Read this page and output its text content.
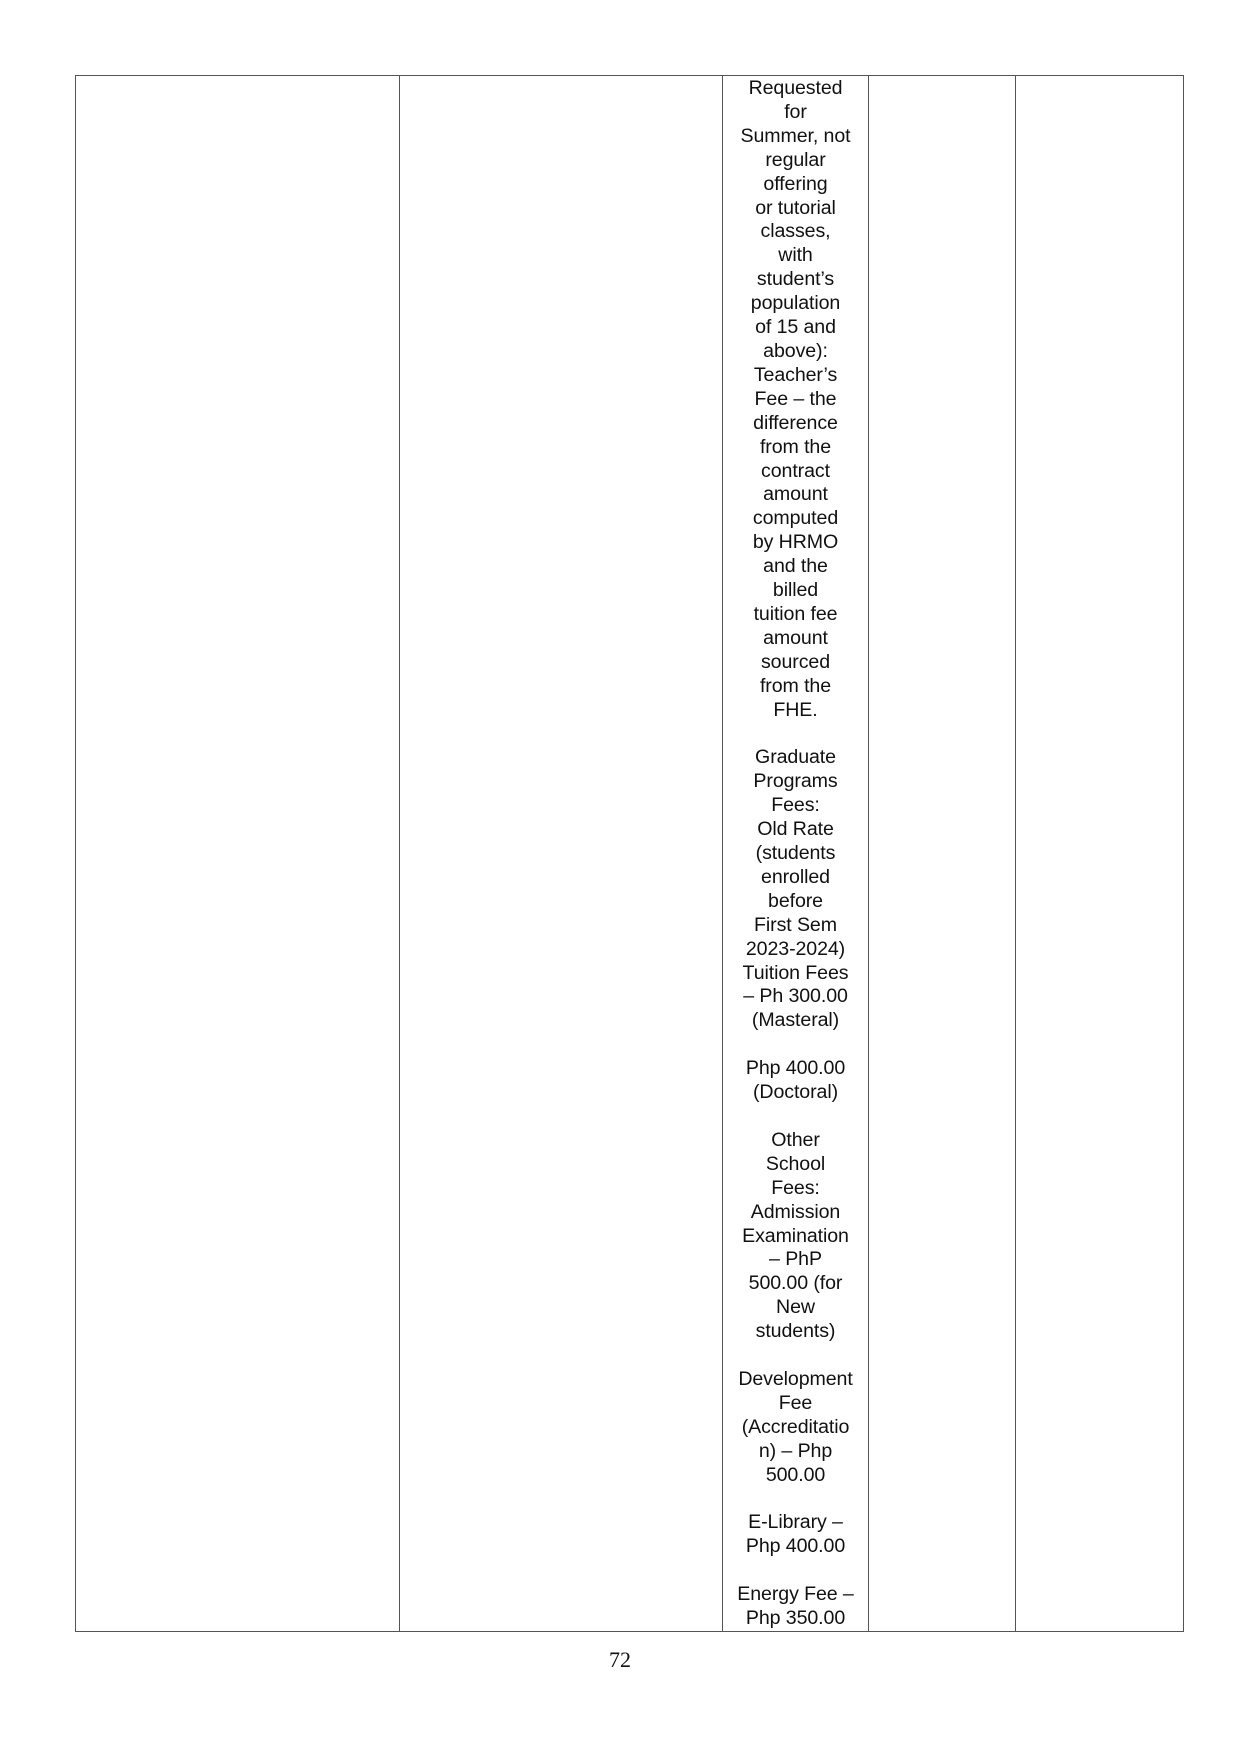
Requested
for
Summer, not
regular
offering
or tutorial
classes,
with
student’s
population
of 15 and
above):
Teacher’s
Fee – the
difference
from the
contract
amount
computed
by HRMO
and the
billed
tuition fee
amount
sourced
from the
FHE.

Graduate
Programs
Fees:
Old Rate
(students
enrolled
before
First Sem
2023-2024)
Tuition Fees
– Ph 300.00
(Masteral)

Php 400.00
(Doctoral)

Other
School
Fees:
Admission
Examination
– PhP
500.00 (for
New
students)

Development
Fee
(Accreditatio
n) – Php
500.00

E-Library –
Php 400.00

Energy Fee –
Php 350.00

72
